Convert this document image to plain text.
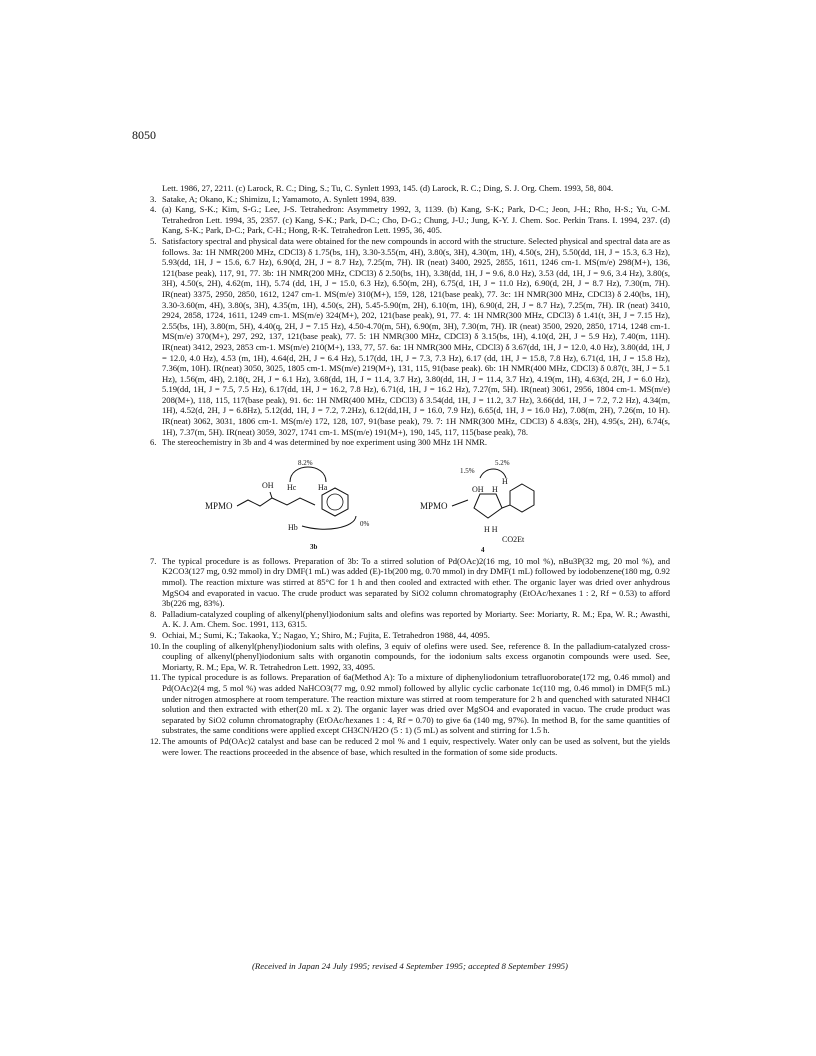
8050
Lett. 1986, 27, 2211. (c) Larock, R. C.; Ding, S.; Tu, C. Synlett 1993, 145. (d) Larock, R. C.; Ding, S. J. Org. Chem. 1993, 58, 804.
3. Satake, A; Okano, K.; Shimizu, I.; Yamamoto, A. Synlett 1994, 839.
4. (a) Kang, S-K.; Kim, S-G.; Lee, J-S. Tetrahedron: Asymmetry 1992, 3, 1139. (b) Kang, S-K.; Park, D-C.; Jeon, J-H.; Rho, H-S.; Yu, C-M. Tetrahedron Lett. 1994, 35, 2357. (c) Kang, S-K.; Park, D-C.; Cho, D-G.; Chung, J-U.; Jung, K-Y. J. Chem. Soc. Perkin Trans. I. 1994, 237. (d) Kang, S-K.; Park, D-C.; Park, C-H.; Hong, R-K. Tetrahedron Lett. 1995, 36, 405.
5. Satisfactory spectral and physical data were obtained for the new compounds in accord with the structure. Selected physical and spectral data are as follows. 3a: 1H NMR(200 MHz, CDCl3) δ 1.75(bs, 1H), 3.30-3.55(m, 4H), 3.80(s, 3H), 4.30(m, 1H), 4.50(s, 2H), 5.50(dd, 1H, J = 15.3, 6.3 Hz), 5.93(dd, 1H, J = 15.6, 6.7 Hz), 6.90(d, 2H, J = 8.7 Hz), 7.25(m, 7H). IR (neat) 3400, 2925, 2855, 1611, 1246 cm-1. MS(m/e) 298(M+), 136, 121(base peak), 117, 91, 77. 3b: 1H NMR(200 MHz, CDCl3) δ 2.50(bs, 1H), 3.38(dd, 1H, J = 9.6, 8.0 Hz), 3.53 (dd, 1H, J = 9.6, 3.4 Hz), 3.80(s, 3H), 4.50(s, 2H), 4.62(m, 1H), 5.74 (dd, 1H, J = 15.0, 6.3 Hz), 6.50(m, 2H), 6.75(d, 1H, J = 11.0 Hz), 6.90(d, 2H, J = 8.7 Hz), 7.30(m, 7H). IR(neat) 3375, 2950, 2850, 1612, 1247 cm-1. MS(m/e) 310(M+), 159, 128, 121(base peak), 77. 3c: 1H NMR(300 MHz, CDCl3) δ 2.40(bs, 1H), 3.30-3.60(m, 4H), 3.80(s, 3H), 4.35(m, 1H), 4.50(s, 2H), 5.45-5.90(m, 2H), 6.10(m, 1H), 6.90(d, 2H, J = 8.7 Hz), 7.25(m, 7H). IR (neat) 3410, 2924, 2858, 1724, 1611, 1249 cm-1. MS(m/e) 324(M+), 202, 121(base peak), 91, 77. 4: 1H NMR(300 MHz, CDCl3) δ 1.41(t, 3H, J = 7.15 Hz), 2.55(bs, 1H), 3.80(m, 5H), 4.40(q, 2H, J = 7.15 Hz), 4.50-4.70(m, 5H), 6.90(m, 3H), 7.30(m, 7H). IR (neat) 3500, 2920, 2850, 1714, 1248 cm-1. MS(m/e) 370(M+), 297, 292, 137, 121(base peak), 77. 5: 1H NMR(300 MHz, CDCl3) δ 3.15(bs, 1H), 4.10(d, 2H, J = 5.9 Hz), 7.40(m, 11H). IR(neat) 3412, 2923, 2853 cm-1. MS(m/e) 210(M+), 133, 77, 57. 6a: 1H NMR(300 MHz, CDCl3) δ 3.67(dd, 1H, J = 12.0, 4.0 Hz), 3.80(dd, 1H, J = 12.0, 4.0 Hz), 4.53 (m, 1H), 4.64(d, 2H, J = 6.4 Hz), 5.17(dd, 1H, J = 7.3, 7.3 Hz), 6.17 (dd, 1H, J = 15.8, 7.8 Hz), 6.71(d, 1H, J = 15.8 Hz), 7.36(m, 10H). IR(neat) 3050, 3025, 1805 cm-1. MS(m/e) 219(M+), 131, 115, 91(base peak). 6b: 1H NMR(400 MHz, CDCl3) δ 0.87(t, 3H, J = 5.1 Hz), 1.56(m, 4H), 2.18(t, 2H, J = 6.1 Hz), 3.68(dd, 1H, J = 11.4, 3.7 Hz), 3.80(dd, 1H, J = 11.4, 3.7 Hz), 4.19(m, 1H), 4.63(d, 2H, J = 6.0 Hz), 5.19(dd, 1H, J = 7.5, 7.5 Hz), 6.17(dd, 1H, J = 16.2, 7.8 Hz), 6.71(d, 1H, J = 16.2 Hz), 7.27(m, 5H). IR(neat) 3061, 2956, 1804 cm-1. MS(m/e) 208(M+), 118, 115, 117(base peak), 91. 6c: 1H NMR(400 MHz, CDCl3) δ 3.54(dd, 1H, J = 11.2, 3.7 Hz), 3.66(dd, 1H, J = 7.2, 7.2 Hz), 4.34(m, 1H), 4.52(d, 2H, J = 6.8Hz), 5.12(dd, 1H, J = 7.2, 7.2Hz), 6.12(dd,1H, J = 16.0, 7.9 Hz), 6.65(d, 1H, J = 16.0 Hz), 7.08(m, 2H), 7.26(m, 10 H). IR(neat) 3062, 3031, 1806 cm-1. MS(m/e) 172, 128, 107, 91(base peak), 79. 7: 1H NMR(300 MHz, CDCl3) δ 4.83(s, 2H), 4.95(s, 2H), 6.74(s, 1H), 7.37(m, 5H). IR(neat) 3059, 3027, 1741 cm-1. MS(m/e) 191(M+), 190, 145, 117, 115(base peak), 78.
6. The stereochemistry in 3b and 4 was determined by noe experiment using 300 MHz 1H NMR.
8.2%
OH Hc	Ha
MPMO
Hb	0%
3b
1.5%
5.2%
OH
H
H
MPMO
H H
CO2Et
4
7. The typical procedure is as follows. Preparation of 3b: To a stirred solution of Pd(OAc)2(16 mg, 10 mol %), nBu3P(32 mg, 20 mol %), and K2CO3(127 mg, 0.92 mmol) in dry DMF(1 mL) was added (E)-1b(200 mg, 0.70 mmol) in dry DMF(1 mL) followed by iodobenzene(180 mg, 0.92 mmol). The reaction mixture was stirred at 85°C for 1 h and then cooled and extracted with ether. The organic layer was dried over anhydrous MgSO4 and evaporated in vacuo. The crude product was separated by SiO2 column chromatography (EtOAc/hexanes 1 : 2, Rf = 0.53) to afford 3b(226 mg, 83%).
8. Palladium-catalyzed coupling of alkenyl(phenyl)iodonium salts and olefins was reported by Moriarty. See: Moriarty, R. M.; Epa, W. R.; Awasthi, A. K. J. Am. Chem. Soc. 1991, 113, 6315.
9. Ochiai, M.; Sumi, K.; Takaoka, Y.; Nagao, Y.; Shiro, M.; Fujita, E. Tetrahedron 1988, 44, 4095.
10. In the coupling of alkenyl(phenyl)iodonium salts with olefins, 3 equiv of olefins were used. See, reference 8. In the palladium-catalyzed cross-coupling of alkenyl(phenyl)iodonium salts with organotin compounds, for the iodonium salts excess organotin compounds were used. See, Moriarty, R. M.; Epa, W. R. Tetrahedron Lett. 1992, 33, 4095.
11. The typical procedure is as follows. Preparation of 6a(Method A): To a mixture of diphenyliodonium tetrafluoroborate(172 mg, 0.46 mmol) and Pd(OAc)2(4 mg, 5 mol %) was added NaHCO3(77 mg, 0.92 mmol) followed by allylic cyclic carbonate 1c(110 mg, 0.46 mmol) in DMF(5 mL) under nitrogen atmosphere at room temperature. The reaction mixture was stirred at room temperature for 2 h and quenched with saturated NH4Cl solution and then extracted with ether(20 mL x 2). The organic layer was dried over MgSO4 and evaporated in vacuo. The crude product was separated by SiO2 column chromatography (EtOAc/hexanes 1 : 4, Rf = 0.70) to give 6a (140 mg, 97%). In method B, for the same quantities of substrates, the same conditions were applied except CH3CN/H2O (5 : 1) (5 mL) as solvent and stirring for 1.5 h.
12. The amounts of Pd(OAc)2 catalyst and base can be reduced 2 mol % and 1 equiv, respectively. Water only can be used as solvent, but the yields were lower. The reactions proceeded in the absence of base, which resulted in the formation of some side products.
(Received in Japan 24 July 1995; revised 4 September 1995; accepted 8 September 1995)
